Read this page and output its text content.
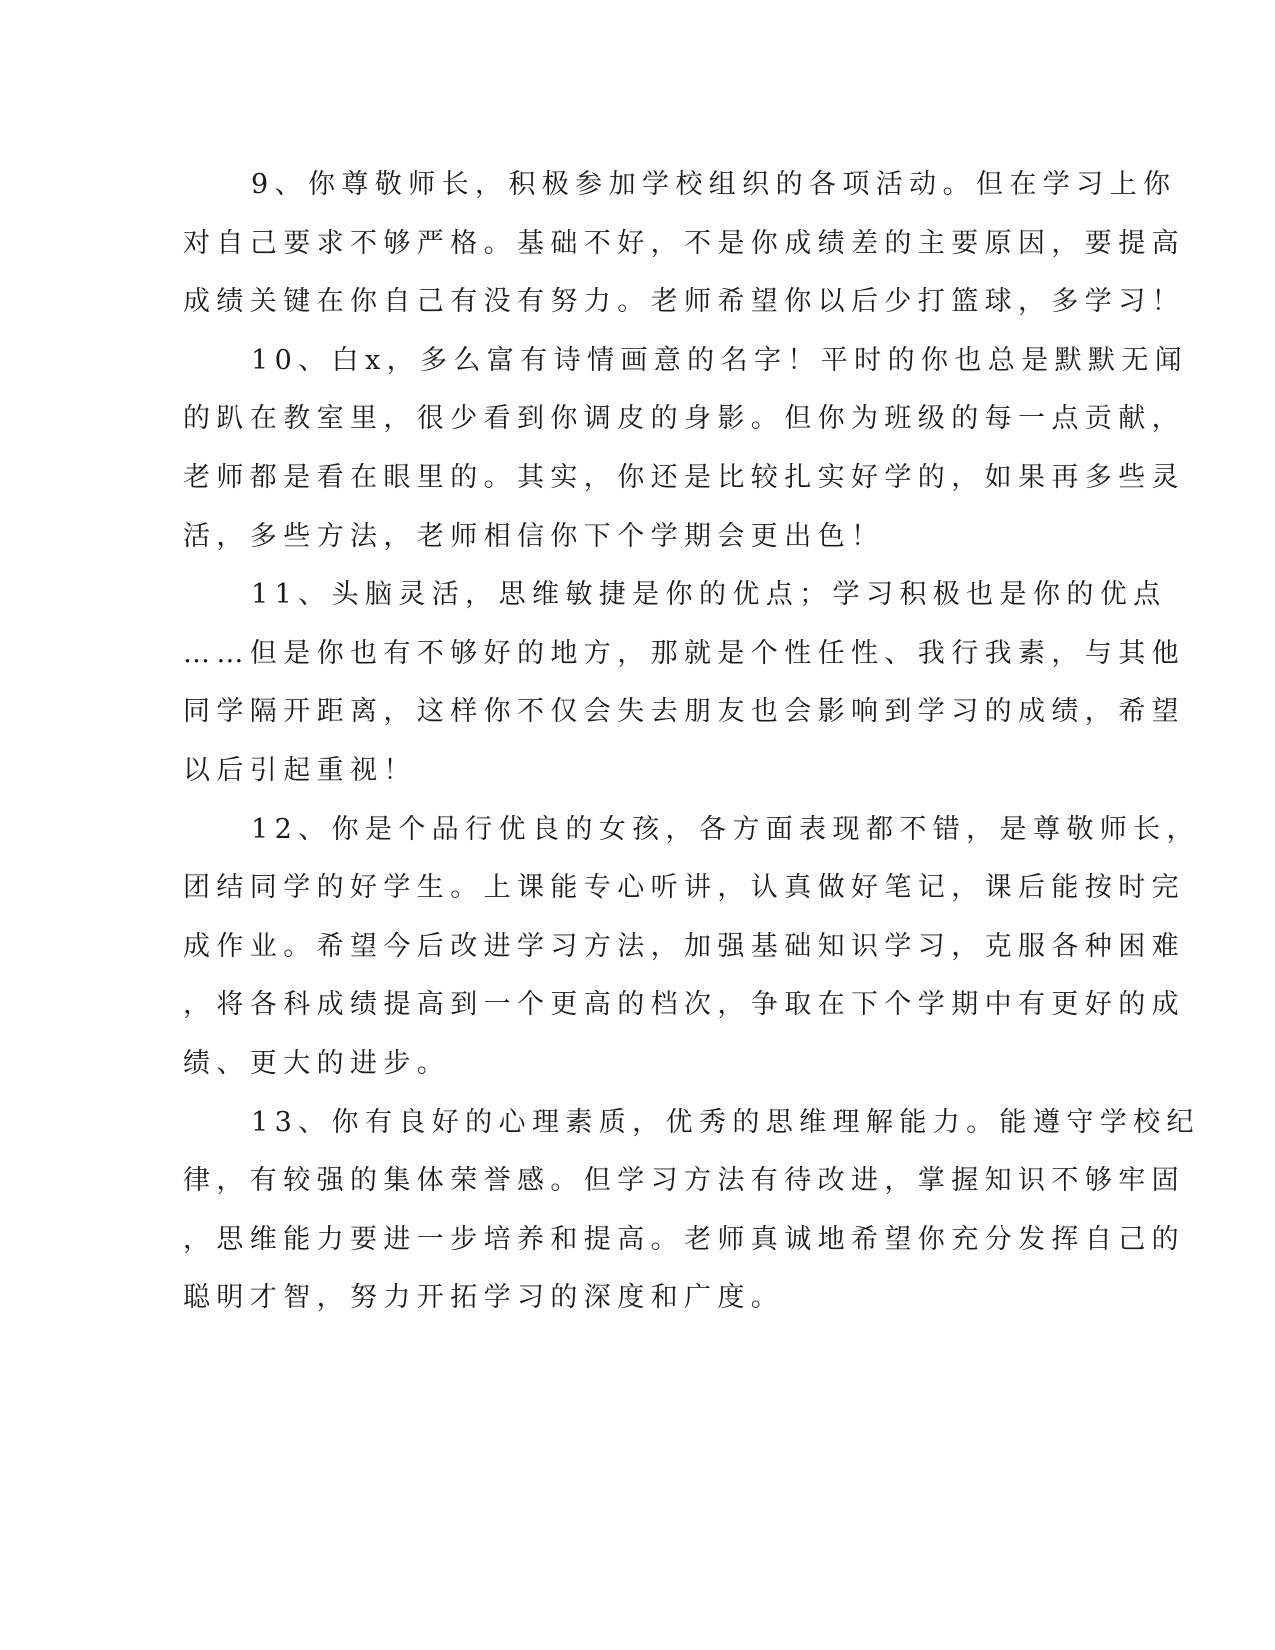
9、你尊敬师长，积极参加学校组织的各项活动。但在学习上你
对自己要求不够严格。基础不好，不是你成绩差的主要原因，要提高
成绩关键在你自己有没有努力。老师希望你以后少打篮球，多学习！
10、白x，多么富有诗情画意的名字！平时的你也总是默默无闻
的趴在教室里，很少看到你调皮的身影。但你为班级的每一点贡献，
老师都是看在眼里的。其实，你还是比较扎实好学的，如果再多些灵
活，多些方法，老师相信你下个学期会更出色！
11、头脑灵活，思维敏捷是你的优点；学习积极也是你的优点
……但是你也有不够好的地方，那就是个性任性、我行我素，与其他
同学隔开距离，这样你不仅会失去朋友也会影响到学习的成绩，希望
以后引起重视！
12、你是个品行优良的女孩，各方面表现都不错，是尊敬师长，
团结同学的好学生。上课能专心听讲，认真做好笔记，课后能按时完
成作业。希望今后改进学习方法，加强基础知识学习，克服各种困难
，将各科成绩提高到一个更高的档次，争取在下个学期中有更好的成
绩、更大的进步。
13、你有良好的心理素质，优秀的思维理解能力。能遵守学校纪
律，有较强的集体荣誉感。但学习方法有待改进，掌握知识不够牢固
，思维能力要进一步培养和提高。老师真诚地希望你充分发挥自己的
聪明才智，努力开拓学习的深度和广度。
